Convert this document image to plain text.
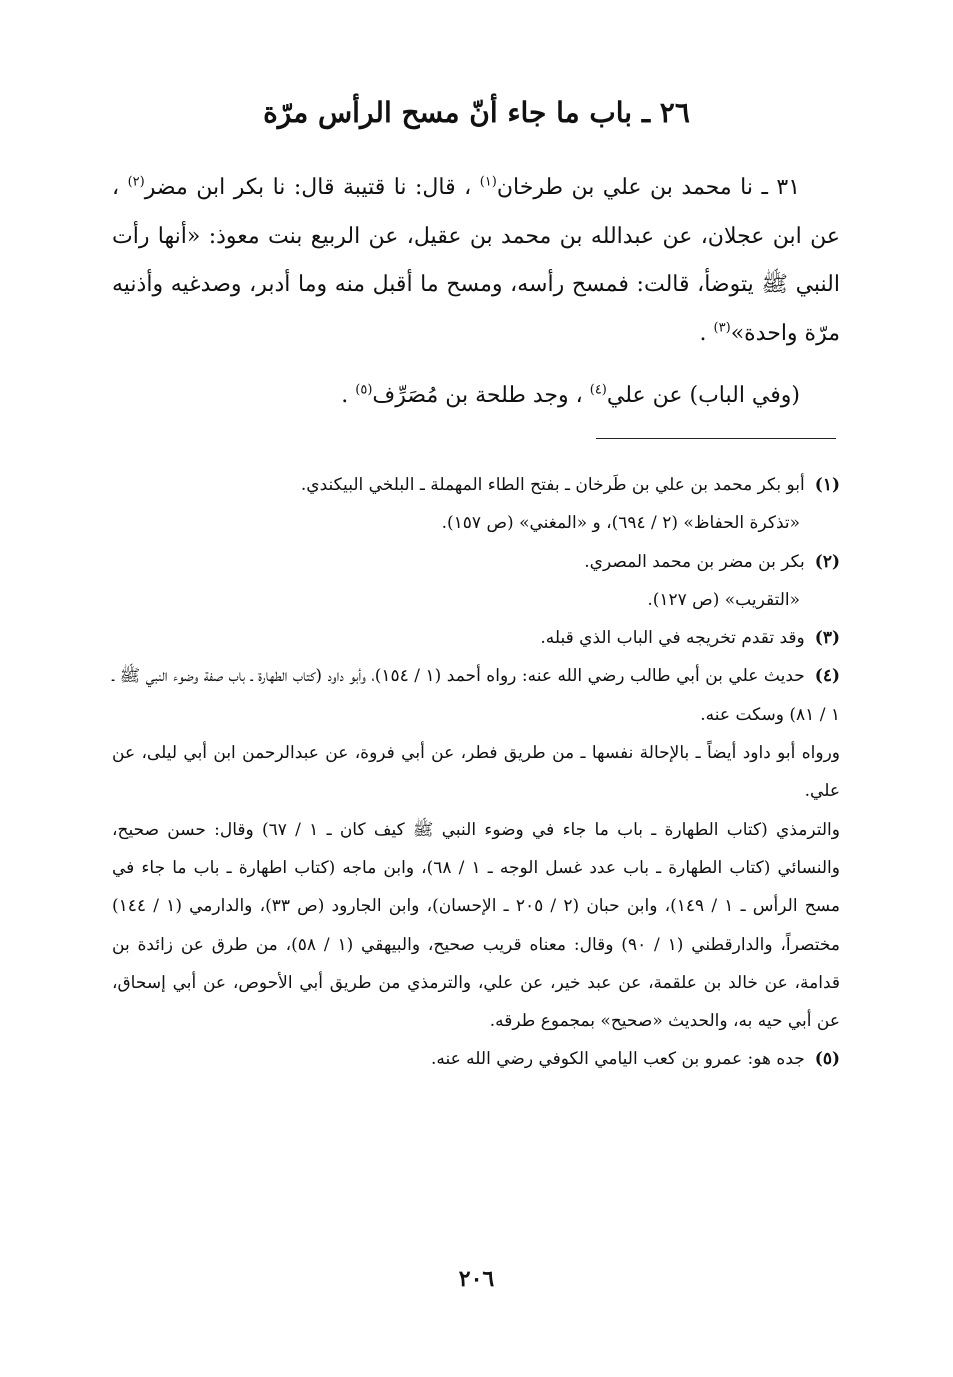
٢٦ ـ باب ما جاء أنّ مسح الرأس مرّة

٣١ ـ نا محمد بن علي بن طرخان$^{(١)}$ ، قال: نا قتيبة قال: نا بكر ابن مضر$^{(٢)}$ ، عن ابن عجلان، عن عبدالله بن محمد بن عقيل، عن الربيع بنت معوذ: «أنها رأت النبي ﷺ يتوضأ، قالت: فمسح رأسه، ومسح ما أقبل منه وما أدبر، وصدغيه وأذنيه مرّة واحدة»$^{(٣)}$ .

(وفي الباب) عن علي$^{(٤)}$ ، وجد طلحة بن مُصَرِّف$^{(٥)}$ .
(١)أبو بكر محمد بن علي بن طَرخان ـ بفتح الطاء المهملة ـ البلخي البيكندي.
«تذكرة الحفاظ» (٢ / ٦٩٤)، و «المغني» (ص ١٥٧).
(٢)بكر بن مضر بن محمد المصري.
«التقريب» (ص ١٢٧).
(٣)وقد تقدم تخريجه في الباب الذي قبله.
(٤)حديث علي بن أبي طالب رضي الله عنه: رواه أحمد (١ / ١٥٤)، وأبو داود (كتاب الطهارة ـ باب صفة وضوء النبي ﷺ ـ ١ / ٨١) وسكت عنه.
ورواه أبو داود أيضاً ـ بالإحالة نفسها ـ من طريق فطر، عن أبي فروة، عن عبدالرحمن ابن أبي ليلى، عن علي.
والترمذي (كتاب الطهارة ـ باب ما جاء في وضوء النبي ﷺ كيف كان ـ ١ / ٦٧) وقال: حسن صحيح، والنسائي (كتاب الطهارة ـ باب عدد غسل الوجه ـ ١ / ٦٨)، وابن ماجه (كتاب اطهارة ـ باب ما جاء في مسح الرأس ـ ١ / ١٤٩)، وابن حبان (٢ / ٢٠٥ ـ الإحسان)، وابن الجارود (ص ٣٣)، والدارمي (١ / ١٤٤) مختصراً، والدارقطني (١ / ٩٠) وقال: معناه قريب صحيح، والبيهقي (١ / ٥٨)، من طرق عن زائدة بن قدامة، عن خالد بن علقمة، عن عبد خير، عن علي، والترمذي من طريق أبي الأحوص، عن أبي إسحاق، عن أبي حيه به، والحديث «صحيح» بمجموع طرقه.
(٥)جده هو: عمرو بن كعب اليامي الكوفي رضي الله عنه.
٢٠٦
